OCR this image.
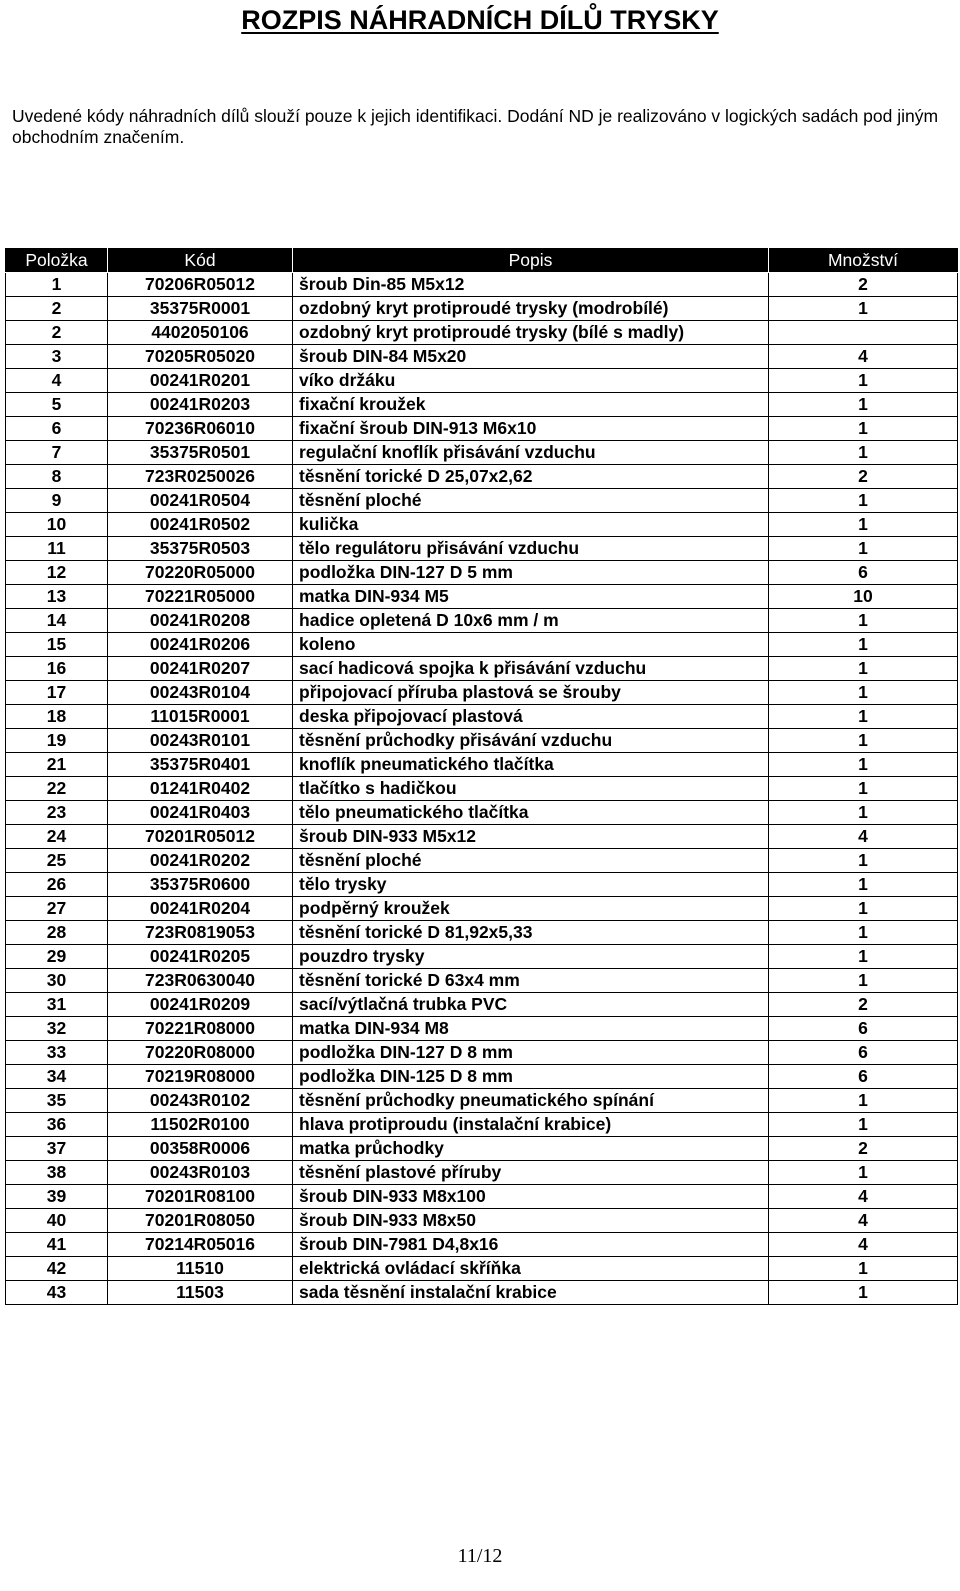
ROZPIS NÁHRADNÍCH DÍLŮ TRYSKY
Uvedené kódy náhradních dílů slouží pouze k jejich identifikaci. Dodání ND je realizováno v logických sadách pod jiným obchodním značením.
Položka	Kód	Popis	Množství
1	70206R05012	šroub Din-85 M5x12	2
2	35375R0001	ozdobný kryt protiproudé trysky (modrobílé)	1
2	4402050106	ozdobný kryt protiproudé trysky (bílé s madly)	
3	70205R05020	šroub DIN-84 M5x20	4
4	00241R0201	víko držáku	1
5	00241R0203	fixační kroužek	1
6	70236R06010	fixační šroub DIN-913 M6x10	1
7	35375R0501	regulační knoflík přisávání vzduchu	1
8	723R0250026	těsnění torické D 25,07x2,62	2
9	00241R0504	těsnění ploché	1
10	00241R0502	kulička	1
11	35375R0503	tělo regulátoru přisávání vzduchu	1
12	70220R05000	podložka DIN-127 D 5 mm	6
13	70221R05000	matka DIN-934 M5	10
14	00241R0208	hadice opletená D 10x6 mm / m	1
15	00241R0206	koleno	1
16	00241R0207	sací hadicová spojka k přisávání vzduchu	1
17	00243R0104	připojovací příruba plastová se šrouby	1
18	11015R0001	deska připojovací plastová	1
19	00243R0101	těsnění průchodky přisávání vzduchu	1
21	35375R0401	knoflík pneumatického tlačítka	1
22	01241R0402	tlačítko s hadičkou	1
23	00241R0403	tělo pneumatického tlačítka	1
24	70201R05012	šroub DIN-933 M5x12	4
25	00241R0202	těsnění ploché	1
26	35375R0600	tělo trysky	1
27	00241R0204	podpěrný kroužek	1
28	723R0819053	těsnění torické D 81,92x5,33	1
29	00241R0205	pouzdro trysky	1
30	723R0630040	těsnění torické D 63x4 mm	1
31	00241R0209	sací/výtlačná trubka PVC	2
32	70221R08000	matka DIN-934 M8	6
33	70220R08000	podložka DIN-127 D 8 mm	6
34	70219R08000	podložka DIN-125 D 8 mm	6
35	00243R0102	těsnění průchodky pneumatického spínání	1
36	11502R0100	hlava protiproudu (instalační krabice)	1
37	00358R0006	matka průchodky	2
38	00243R0103	těsnění plastové příruby	1
39	70201R08100	šroub DIN-933 M8x100	4
40	70201R08050	šroub DIN-933 M8x50	4
41	70214R05016	šroub DIN-7981 D4,8x16	4
42	11510	elektrická ovládací skříňka	1
43	11503	sada těsnění instalační krabice	1
11/12
